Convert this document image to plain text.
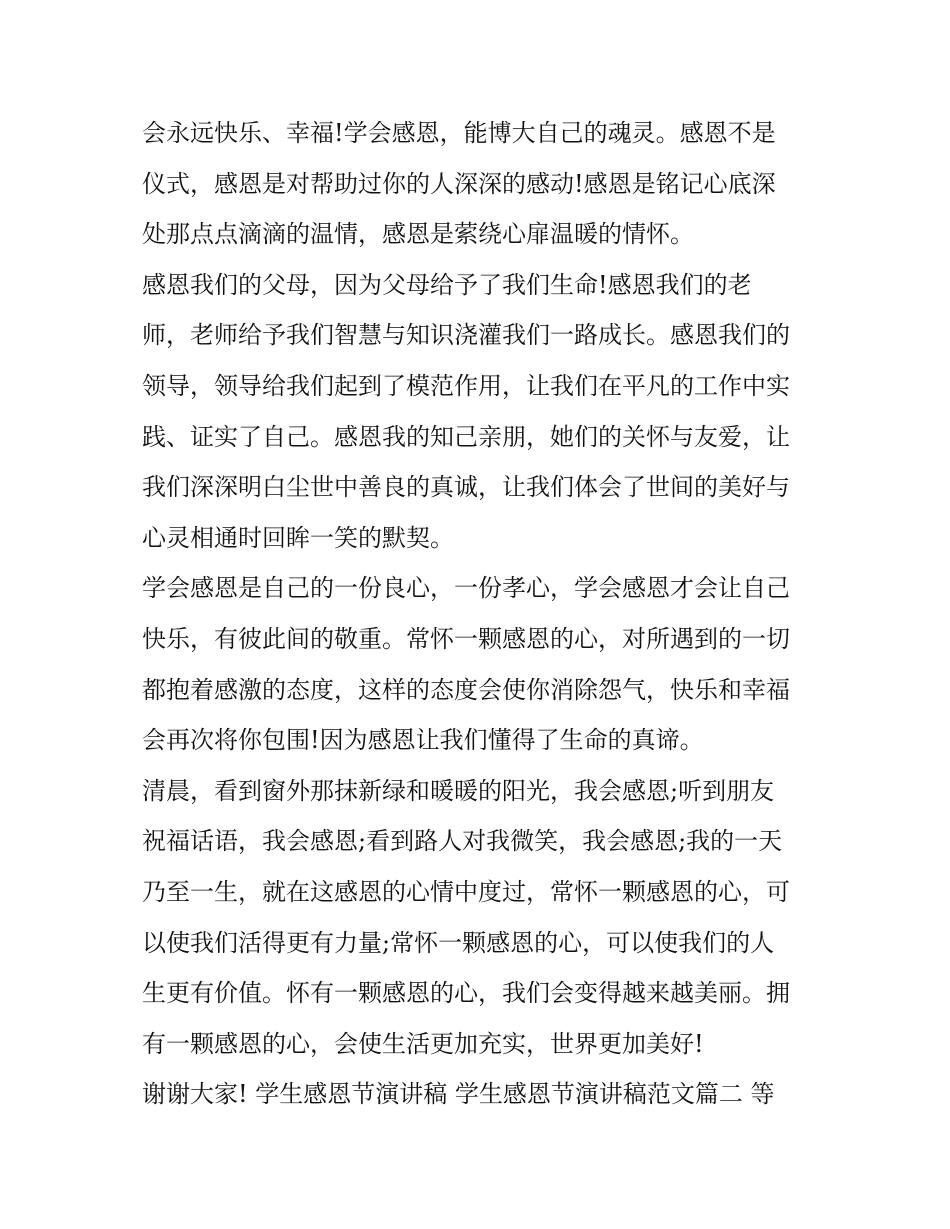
会永远快乐、幸福!学会感恩，能博大自己的魂灵。感恩不是
仪式，感恩是对帮助过你的人深深的感动!感恩是铭记心底深
处那点点滴滴的温情，感恩是萦绕心扉温暖的情怀。
感恩我们的父母，因为父母给予了我们生命!感恩我们的老
师，老师给予我们智慧与知识浇灌我们一路成长。感恩我们的
领导，领导给我们起到了模范作用，让我们在平凡的工作中实
践、证实了自己。感恩我的知己亲朋，她们的关怀与友爱，让
我们深深明白尘世中善良的真诚，让我们体会了世间的美好与
心灵相通时回眸一笑的默契。
学会感恩是自己的一份良心，一份孝心，学会感恩才会让自己
快乐，有彼此间的敬重。常怀一颗感恩的心，对所遇到的一切
都抱着感激的态度，这样的态度会使你消除怨气，快乐和幸福
会再次将你包围!因为感恩让我们懂得了生命的真谛。
清晨，看到窗外那抹新绿和暖暖的阳光，我会感恩;听到朋友
祝福话语，我会感恩;看到路人对我微笑，我会感恩;我的一天
乃至一生，就在这感恩的心情中度过，常怀一颗感恩的心，可
以使我们活得更有力量;常怀一颗感恩的心，可以使我们的人
生更有价值。怀有一颗感恩的心，我们会变得越来越美丽。拥
有一颗感恩的心，会使生活更加充实，世界更加美好!
谢谢大家! 学生感恩节演讲稿 学生感恩节演讲稿范文篇二 等
